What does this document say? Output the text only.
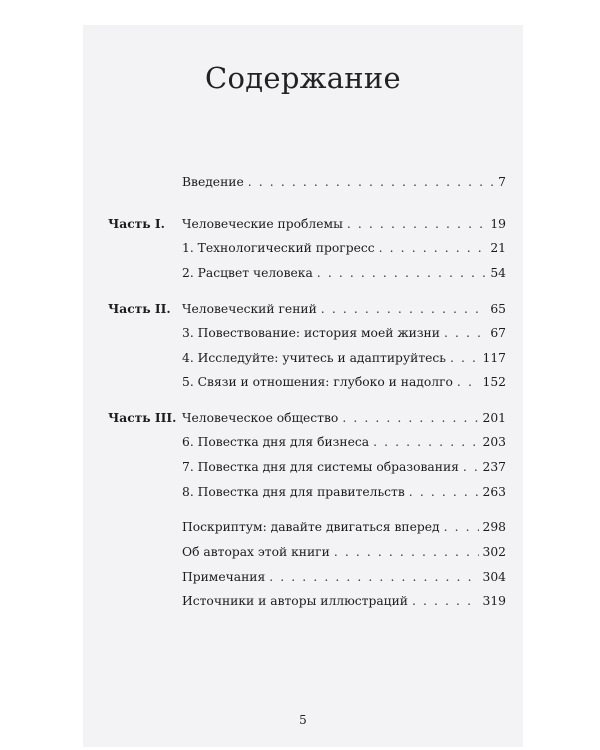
Содержание
Введение . . .	7
Часть I. Человеческие проблемы . . .	19
1. Технологический прогресс . . .	21
2. Расцвет человека . . .	54
Часть II. Человеческий гений . . .	65
3. Повествование: история моей жизни . . .	67
4. Исследуйте: учитесь и адаптируйтесь . . .	117
5. Связи и отношения: глубоко и надолго . . . 152
Часть III. Человеческое общество . . .	201
6. Повестка дня для бизнеса . . .	203
7. Повестка дня для системы образования . . . 237
8. Повестка дня для правительств . . .	263
Поскриптум: давайте двигаться вперед . . .	298
Об авторах этой книги . . .	302
Примечания . . .	304
Источники и авторы иллюстраций . . .	319
5
